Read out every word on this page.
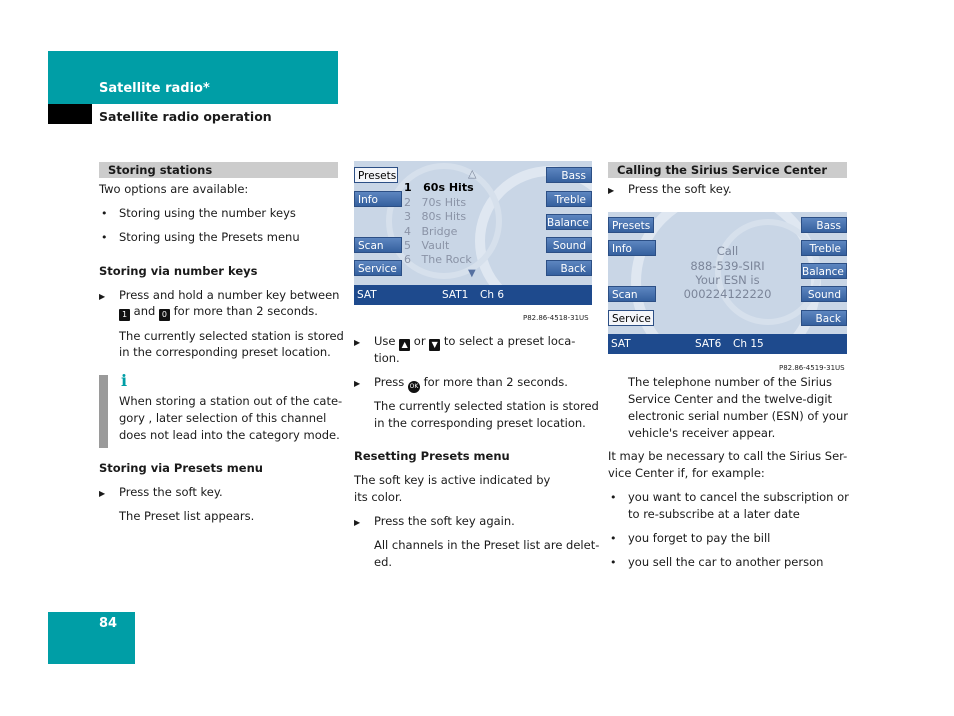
Satellite radio*
Satellite radio operation
Storing stations
Two options are available:
• Storing using the number keys
• Storing using the Presets menu
Storing via number keys
▶ Press and hold a number key between
1 and 0 for more than 2 seconds.
The currently selected station is stored
in the corresponding preset location.
i
When storing a station out of the cate-
gory , later selection of this channel
does not lead into the category mode.
Storing via Presets menu
▶ Press the soft key.
The Preset list appears.
Presets
Info
Scan
Service
Bass
Treble
Balance
Sound
Back
△
1 60s Hits
2 70s Hits
3 80s Hits
4 Bridge
5 Vault
6 The Rock
▼
SAT	SAT1 Ch 6
P82.86-4518-31US
▶ Use ▲ or ▼ to select a preset loca-
tion.
▶ Press OK for more than 2 seconds.
The currently selected station is stored
in the corresponding preset location.
Resetting Presets menu
The soft key is active indicated by
its color.
▶ Press the soft key again.
All channels in the Preset list are delet-
ed.
Calling the Sirius Service Center
▶ Press the soft key.
Presets
Info
Scan
Service
Bass
Treble
Balance
Sound
Back
Call
888-539-SIRI
Your ESN is
000224122220
SAT	SAT6 Ch 15
P82.86-4519-31US
The telephone number of the Sirius
Service Center and the twelve-digit
electronic serial number (ESN) of your
vehicle's receiver appear.
It may be necessary to call the Sirius Ser-
vice Center if, for example:
• you want to cancel the subscription or
to re-subscribe at a later date
• you forget to pay the bill
• you sell the car to another person
84
